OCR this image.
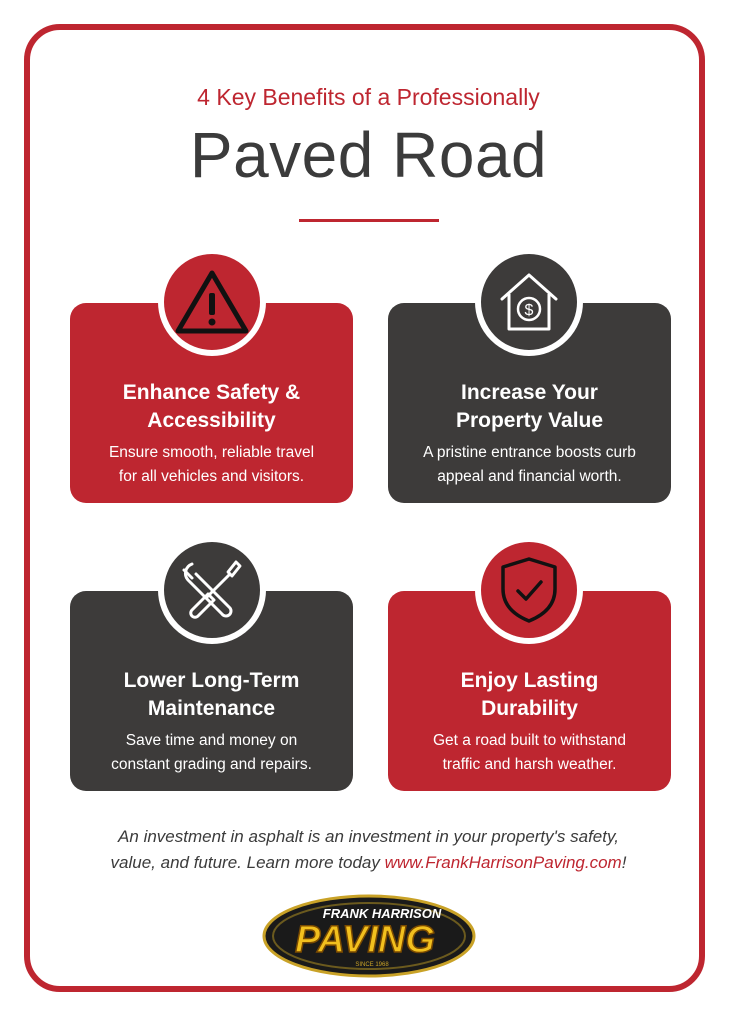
4 Key Benefits of a Professionally
Paved Road
Enhance Safety &
Accessibility
Ensure smooth, reliable travel
for all vehicles and visitors.
Increase Your
Property Value
A pristine entrance boosts curb
appeal and financial worth.
$
Lower Long-Term
Maintenance
Save time and money on
constant grading and repairs.
Enjoy Lasting
Durability
Get a road built to withstand
traffic and harsh weather.
An investment in asphalt is an investment in your property's safety,
value, and future. Learn more today www.FrankHarrisonPaving.com!
FRANK HARRISON
PAVING
SINCE 1968
